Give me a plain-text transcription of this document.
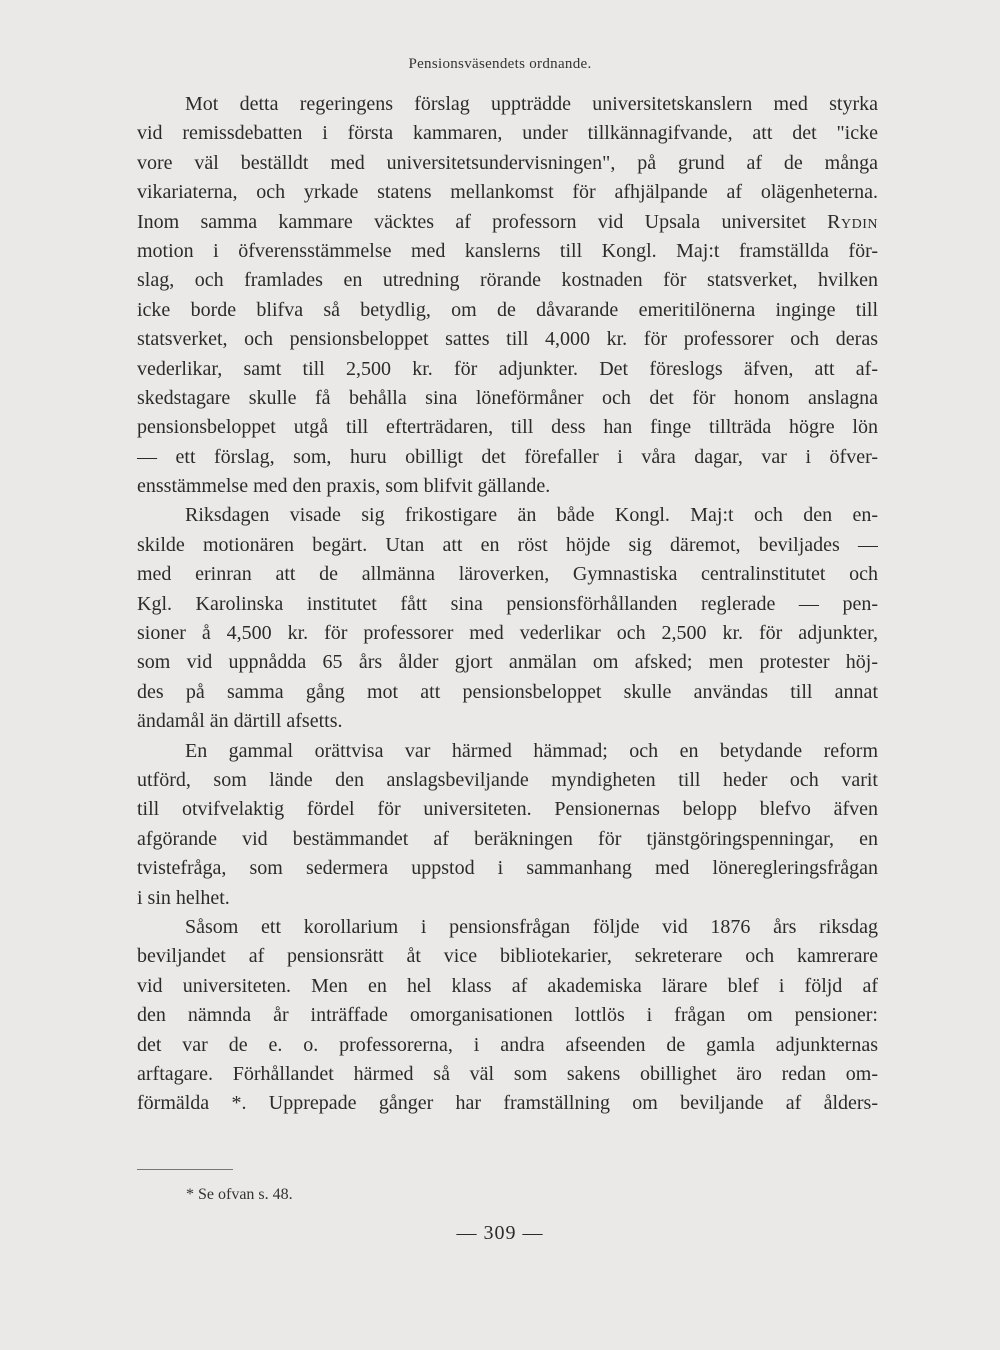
Pensionsväsendets ordnande.
Mot detta regeringens förslag uppträdde universitetskanslern med styrka
vid remissdebatten i första kammaren, under tillkännagifvande, att det "icke
vore väl beställdt med universitetsundervisningen", på grund af de många
vikariaterna, och yrkade statens mellankomst för afhjälpande af olägenheterna.
Inom samma kammare väcktes af professorn vid Upsala universitet Rydin
motion i öfverensstämmelse med kanslerns till Kongl. Maj:t framställda för-
slag, och framlades en utredning rörande kostnaden för statsverket, hvilken
icke borde blifva så betydlig, om de dåvarande emeritilönerna inginge till
statsverket, och pensionsbeloppet sattes till 4,000 kr. för professorer och deras
vederlikar, samt till 2,500 kr. för adjunkter. Det föreslogs äfven, att af-
skedstagare skulle få behålla sina löneförmåner och det för honom anslagna
pensionsbeloppet utgå till efterträdaren, till dess han finge tillträda högre lön
— ett förslag, som, huru obilligt det förefaller i våra dagar, var i öfver-
ensstämmelse med den praxis, som blifvit gällande.
Riksdagen visade sig frikostigare än både Kongl. Maj:t och den en-
skilde motionären begärt. Utan att en röst höjde sig däremot, beviljades —
med erinran att de allmänna läroverken, Gymnastiska centralinstitutet och
Kgl. Karolinska institutet fått sina pensionsförhållanden reglerade — pen-
sioner å 4,500 kr. för professorer med vederlikar och 2,500 kr. för adjunkter,
som vid uppnådda 65 års ålder gjort anmälan om afsked; men protester höj-
des på samma gång mot att pensionsbeloppet skulle användas till annat
ändamål än därtill afsetts.
En gammal orättvisa var härmed hämmad; och en betydande reform
utförd, som lände den anslagsbeviljande myndigheten till heder och varit
till otvifvelaktig fördel för universiteten. Pensionernas belopp blefvo äfven
afgörande vid bestämmandet af beräkningen för tjänstgöringspenningar, en
tvistefråga, som sedermera uppstod i sammanhang med löneregleringsfrågan
i sin helhet.
Såsom ett korollarium i pensionsfrågan följde vid 1876 års riksdag
beviljandet af pensionsrätt åt vice bibliotekarier, sekreterare och kamrerare
vid universiteten. Men en hel klass af akademiska lärare blef i följd af
den nämnda år inträffade omorganisationen lottlös i frågan om pensioner:
det var de e. o. professorerna, i andra afseenden de gamla adjunkternas
arftagare. Förhållandet härmed så väl som sakens obillighet äro redan om-
förmälda *. Upprepade gånger har framställning om beviljande af ålders-
* Se ofvan s. 48.
— 309 —
